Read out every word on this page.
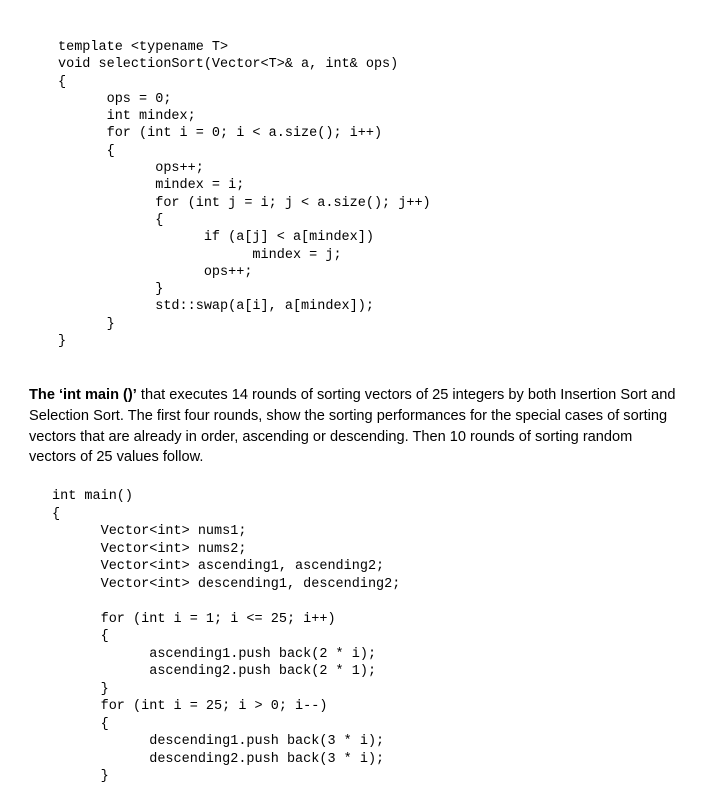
template <typename T>
void selectionSort(Vector<T>& a, int& ops)
{
ops = 0;
int mindex;
for (int i = 0; i < a.size(); i++)
{
ops++;
mindex = i;
for (int j = i; j < a.size(); j++)
{
if (a[j] < a[mindex])
mindex = j;
ops++;
}
std::swap(a[i], a[mindex]);
}
}

The ‘int main ()’ that executes 14 rounds of sorting vectors of 25 integers by both Insertion Sort and Selection Sort. The first four rounds, show the sorting performances for the special cases of sorting vectors that are already in order, ascending or descending. Then 10 rounds of sorting random vectors of 25 values follow.

int main()
{
Vector<int> nums1;
Vector<int> nums2;
Vector<int> ascending1, ascending2;
Vector<int> descending1, descending2;

for (int i = 1; i <= 25; i++)
{
ascending1.push back(2 * i);
ascending2.push back(2 * 1);
}
for (int i = 25; i > 0; i--)
{
descending1.push back(3 * i);
descending2.push back(3 * i);
}
